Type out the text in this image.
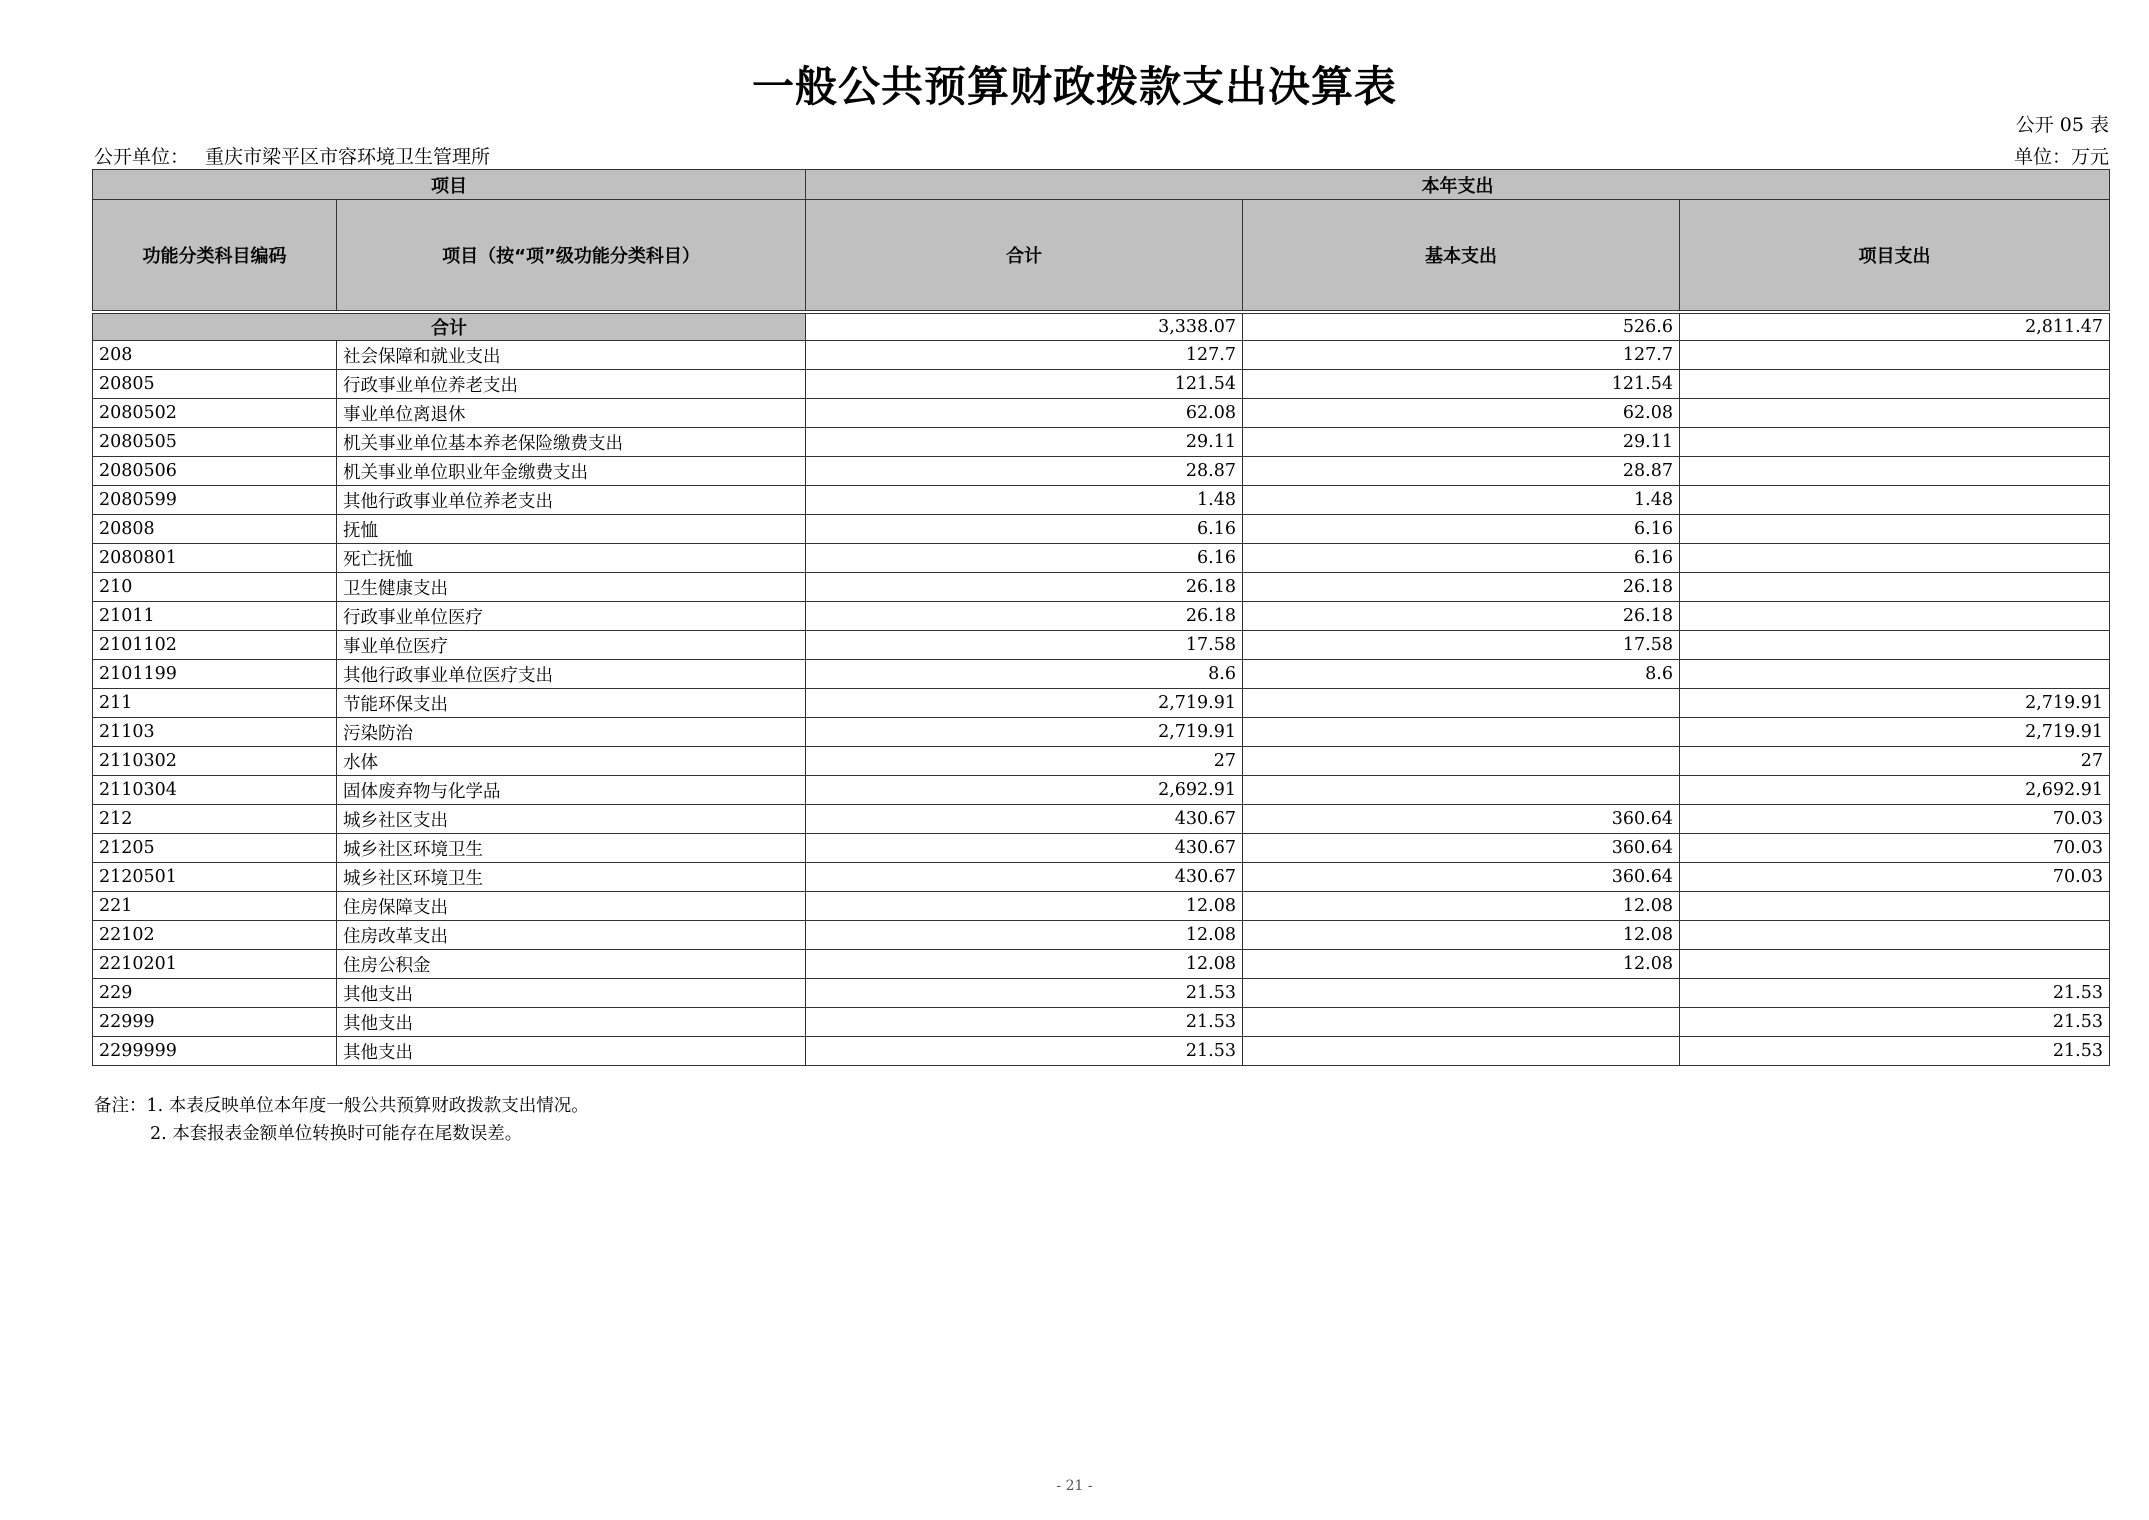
一般公共预算财政拨款支出决算表
公开 05 表
公开单位： 重庆市梁平区市容环境卫生管理所	单位：万元
项目		本年支出		
功能分类科目编码	项目（按“项”级功能分类科目）	合计	基本支出	项目支出

合计		3,338.07	526.6	2,811.47
208	社会保障和就业支出	127.7	127.7	
20805	行政事业单位养老支出	121.54	121.54	
2080502	事业单位离退休	62.08	62.08	
2080505	机关事业单位基本养老保险缴费支出	29.11	29.11	
2080506	机关事业单位职业年金缴费支出	28.87	28.87	
2080599	其他行政事业单位养老支出	1.48	1.48	
20808	抚恤	6.16	6.16	
2080801	死亡抚恤	6.16	6.16	
210	卫生健康支出	26.18	26.18	
21011	行政事业单位医疗	26.18	26.18	
2101102	事业单位医疗	17.58	17.58	
2101199	其他行政事业单位医疗支出	8.6	8.6	
211	节能环保支出	2,719.91		2,719.91
21103	污染防治	2,719.91		2,719.91
2110302	水体	27		27
2110304	固体废弃物与化学品	2,692.91		2,692.91
212	城乡社区支出	430.67	360.64	70.03
21205	城乡社区环境卫生	430.67	360.64	70.03
2120501	城乡社区环境卫生	430.67	360.64	70.03
221	住房保障支出	12.08	12.08	
22102	住房改革支出	12.08	12.08	
2210201	住房公积金	12.08	12.08	
229	其他支出	21.53		21.53
22999	其他支出	21.53		21.53
2299999	其他支出	21.53		21.53
备注：1. 本表反映单位本年度一般公共预算财政拨款支出情况。
2. 本套报表金额单位转换时可能存在尾数误差。
- 21 -
